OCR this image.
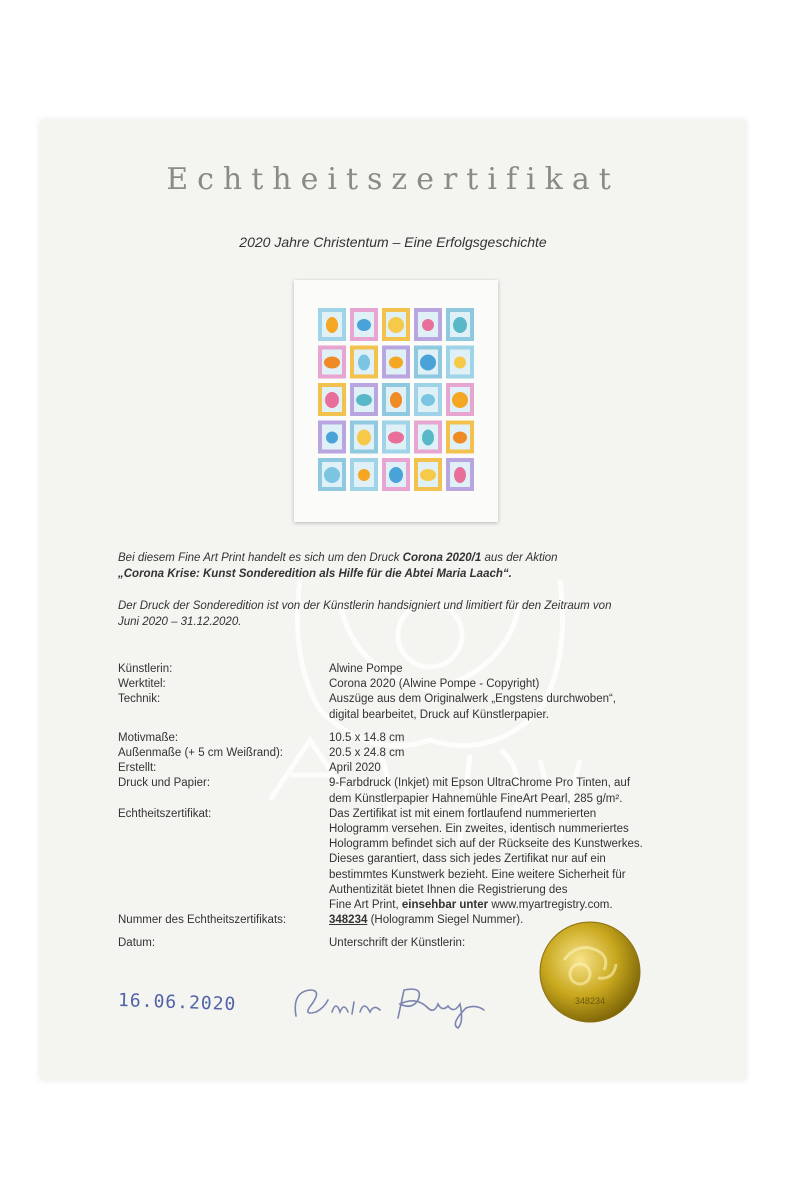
Echtheitszertifikat
2020 Jahre Christentum – Eine Erfolgsgeschichte

Bei diesem Fine Art Print handelt es sich um den Druck Corona 2020/1 aus der Aktion
„Corona Krise: Kunst Sonderedition als Hilfe für die Abtei Maria Laach“.

Der Druck der Sonderedition ist von der Künstlerin handsigniert und limitiert für den Zeitraum von
Juni 2020 – 31.12.2020.

Künstlerin:	Alwine Pompe
Werktitel:	Corona 2020 (Alwine Pompe - Copyright)
Technik:	Auszüge aus dem Originalwerk „Engstens durchwoben“,
digital bearbeitet, Druck auf Künstlerpapier.
Motivmaße:	10.5 x 14.8 cm
Außenmaße (+ 5 cm Weißrand):	20.5 x 24.8 cm
Erstellt:	April 2020
Druck und Papier:	9-Farbdruck (Inkjet) mit Epson UltraChrome Pro Tinten, auf
dem Künstlerpapier Hahnemühle FineArt Pearl, 285 g/m².
Echtheitszertifikat:	Das Zertifikat ist mit einem fortlaufend nummerierten
Hologramm versehen. Ein zweites, identisch nummeriertes
Hologramm befindet sich auf der Rückseite des Kunstwerkes.
Dieses garantiert, dass sich jedes Zertifikat nur auf ein
bestimmtes Kunstwerk bezieht. Eine weitere Sicherheit für
Authentizität bietet Ihnen die Registrierung des
Fine Art Print, einsehbar unter www.myartregistry.com.
Nummer des Echtheitszertifikats:	348234 (Hologramm Siegel Nummer).
Datum:	Unterschrift der Künstlerin:
16.06.2020	348234
